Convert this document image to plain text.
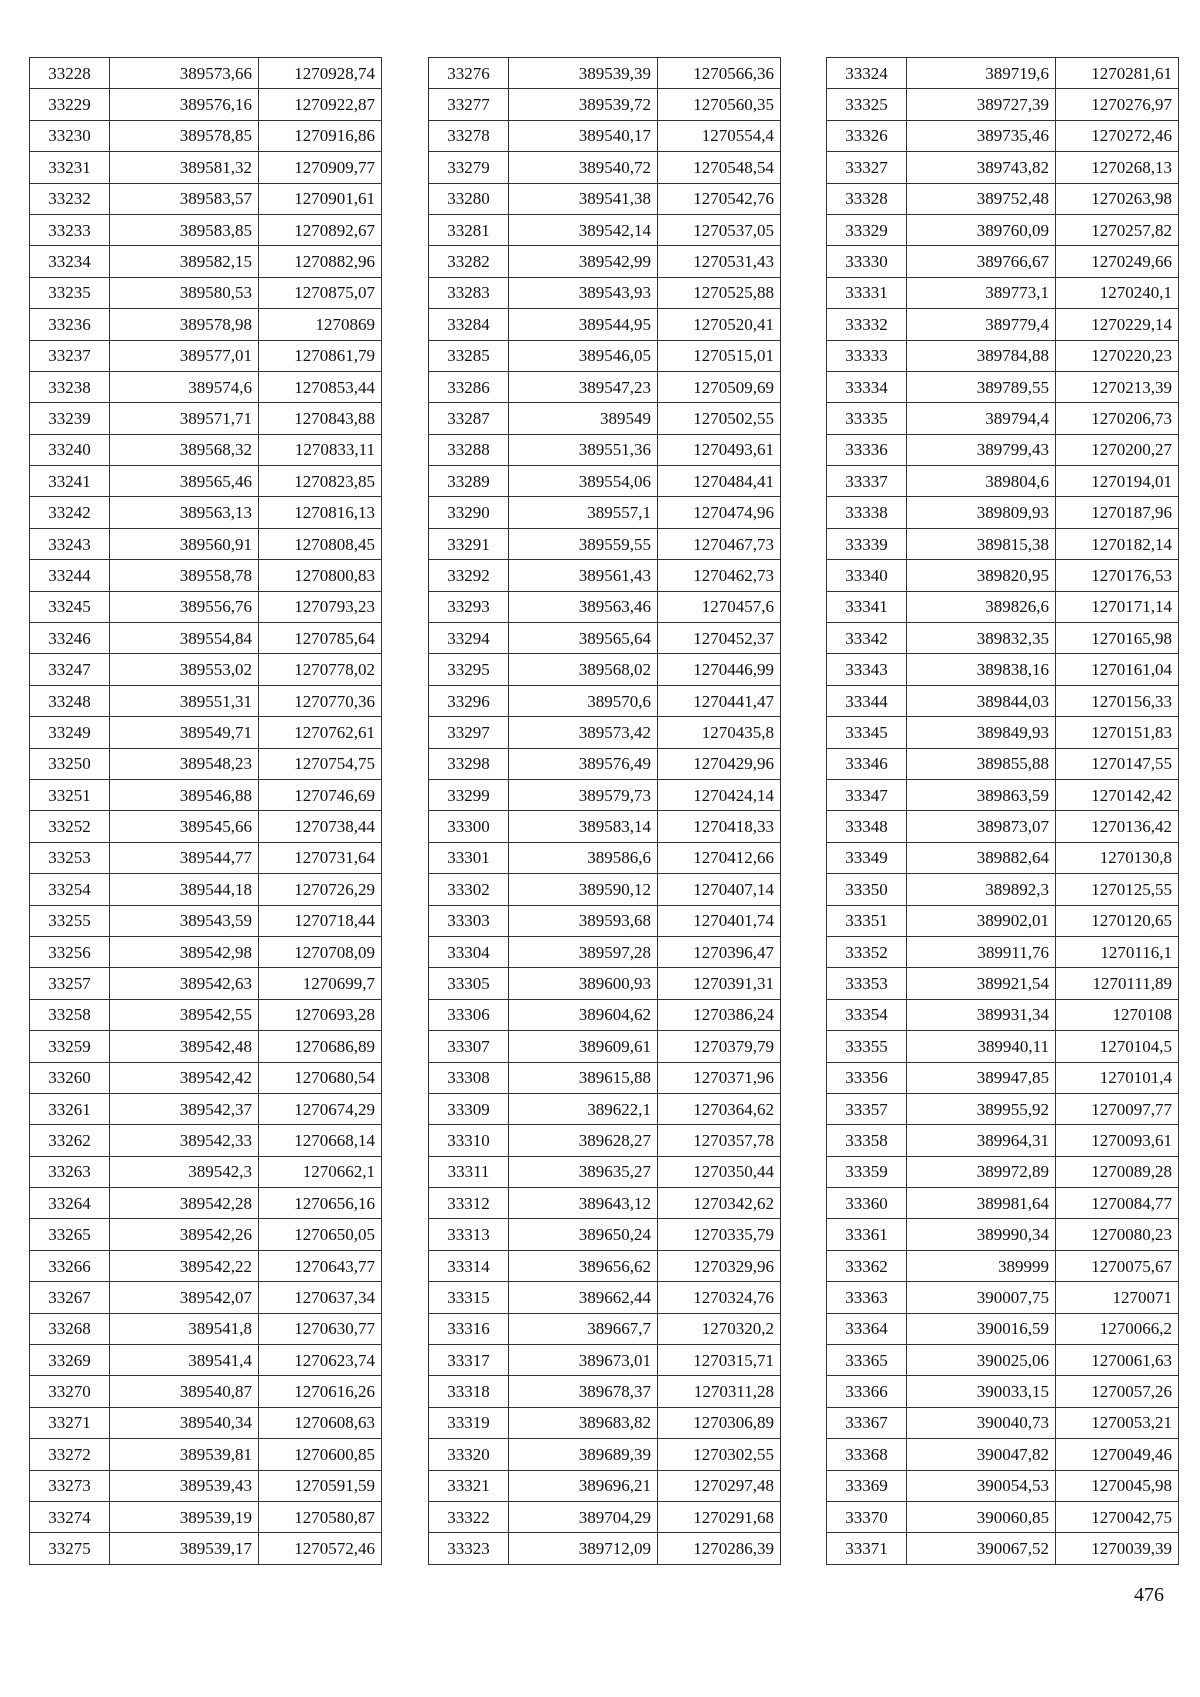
33228	389573,66	1270928,74
33229	389576,16	1270922,87
33230	389578,85	1270916,86
33231	389581,32	1270909,77
33232	389583,57	1270901,61
33233	389583,85	1270892,67
33234	389582,15	1270882,96
33235	389580,53	1270875,07
33236	389578,98	1270869
33237	389577,01	1270861,79
33238	389574,6	1270853,44
33239	389571,71	1270843,88
33240	389568,32	1270833,11
33241	389565,46	1270823,85
33242	389563,13	1270816,13
33243	389560,91	1270808,45
33244	389558,78	1270800,83
33245	389556,76	1270793,23
33246	389554,84	1270785,64
33247	389553,02	1270778,02
33248	389551,31	1270770,36
33249	389549,71	1270762,61
33250	389548,23	1270754,75
33251	389546,88	1270746,69
33252	389545,66	1270738,44
33253	389544,77	1270731,64
33254	389544,18	1270726,29
33255	389543,59	1270718,44
33256	389542,98	1270708,09
33257	389542,63	1270699,7
33258	389542,55	1270693,28
33259	389542,48	1270686,89
33260	389542,42	1270680,54
33261	389542,37	1270674,29
33262	389542,33	1270668,14
33263	389542,3	1270662,1
33264	389542,28	1270656,16
33265	389542,26	1270650,05
33266	389542,22	1270643,77
33267	389542,07	1270637,34
33268	389541,8	1270630,77
33269	389541,4	1270623,74
33270	389540,87	1270616,26
33271	389540,34	1270608,63
33272	389539,81	1270600,85
33273	389539,43	1270591,59
33274	389539,19	1270580,87
33275	389539,17	1270572,46
33276	389539,39	1270566,36
33277	389539,72	1270560,35
33278	389540,17	1270554,4
33279	389540,72	1270548,54
33280	389541,38	1270542,76
33281	389542,14	1270537,05
33282	389542,99	1270531,43
33283	389543,93	1270525,88
33284	389544,95	1270520,41
33285	389546,05	1270515,01
33286	389547,23	1270509,69
33287	389549	1270502,55
33288	389551,36	1270493,61
33289	389554,06	1270484,41
33290	389557,1	1270474,96
33291	389559,55	1270467,73
33292	389561,43	1270462,73
33293	389563,46	1270457,6
33294	389565,64	1270452,37
33295	389568,02	1270446,99
33296	389570,6	1270441,47
33297	389573,42	1270435,8
33298	389576,49	1270429,96
33299	389579,73	1270424,14
33300	389583,14	1270418,33
33301	389586,6	1270412,66
33302	389590,12	1270407,14
33303	389593,68	1270401,74
33304	389597,28	1270396,47
33305	389600,93	1270391,31
33306	389604,62	1270386,24
33307	389609,61	1270379,79
33308	389615,88	1270371,96
33309	389622,1	1270364,62
33310	389628,27	1270357,78
33311	389635,27	1270350,44
33312	389643,12	1270342,62
33313	389650,24	1270335,79
33314	389656,62	1270329,96
33315	389662,44	1270324,76
33316	389667,7	1270320,2
33317	389673,01	1270315,71
33318	389678,37	1270311,28
33319	389683,82	1270306,89
33320	389689,39	1270302,55
33321	389696,21	1270297,48
33322	389704,29	1270291,68
33323	389712,09	1270286,39
33324	389719,6	1270281,61
33325	389727,39	1270276,97
33326	389735,46	1270272,46
33327	389743,82	1270268,13
33328	389752,48	1270263,98
33329	389760,09	1270257,82
33330	389766,67	1270249,66
33331	389773,1	1270240,1
33332	389779,4	1270229,14
33333	389784,88	1270220,23
33334	389789,55	1270213,39
33335	389794,4	1270206,73
33336	389799,43	1270200,27
33337	389804,6	1270194,01
33338	389809,93	1270187,96
33339	389815,38	1270182,14
33340	389820,95	1270176,53
33341	389826,6	1270171,14
33342	389832,35	1270165,98
33343	389838,16	1270161,04
33344	389844,03	1270156,33
33345	389849,93	1270151,83
33346	389855,88	1270147,55
33347	389863,59	1270142,42
33348	389873,07	1270136,42
33349	389882,64	1270130,8
33350	389892,3	1270125,55
33351	389902,01	1270120,65
33352	389911,76	1270116,1
33353	389921,54	1270111,89
33354	389931,34	1270108
33355	389940,11	1270104,5
33356	389947,85	1270101,4
33357	389955,92	1270097,77
33358	389964,31	1270093,61
33359	389972,89	1270089,28
33360	389981,64	1270084,77
33361	389990,34	1270080,23
33362	389999	1270075,67
33363	390007,75	1270071
33364	390016,59	1270066,2
33365	390025,06	1270061,63
33366	390033,15	1270057,26
33367	390040,73	1270053,21
33368	390047,82	1270049,46
33369	390054,53	1270045,98
33370	390060,85	1270042,75
33371	390067,52	1270039,39
476
